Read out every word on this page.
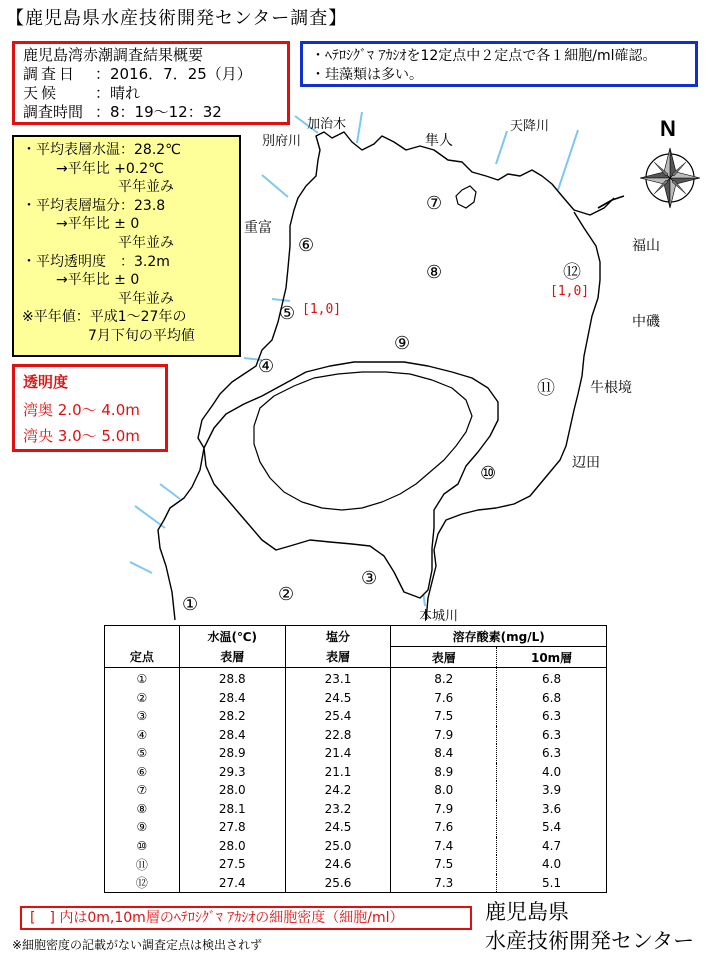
N
【鹿児島県水産技術開発センター調査】
鹿児島湾赤潮調査結果概要
調査日 ：2016．7．25（月）
天候 ：晴れ
調査時間 ：8：19～12：32
・ﾍﾃﾛｼｸﾞﾏ ｱｶｼｵを12定点中２定点で各１細胞/ml確認。
・珪藻類は多い。
・平均表層水温：28.2℃
→平年比 +0.2℃
平年並み
・平均表層塩分：23.8
→平年比 ± 0
平年並み
・平均透明度　：3.2m
→平年比 ± 0
平年並み
※平年値：平成1～27年の
7月下旬の平均値
透明度
湾奥 2.0～ 4.0m
湾央 3.0～ 5.0m
加治木
別府川	隼人
天降川
重富
福山
中磯
牛根境
辺田
本城川
①	②
③
④
⑤
⑥
⑦
⑧
⑨
⑩
⑪
⑫
[1,0]
[1,0]
	水温(℃)	塩分	溶存酸素(mg/L)	
定点	表層	表層	表層	10m層
①	28.8	23.1	8.2	6.8
②	28.4	24.5	7.6	6.8
③	28.2	25.4	7.5	6.3
④	28.4	22.8	7.9	6.3
⑤	28.9	21.4	8.4	6.3
⑥	29.3	21.1	8.9	4.0
⑦	28.0	24.2	8.0	3.9
⑧	28.1	23.2	7.9	3.6
⑨	27.8	24.5	7.6	5.4
⑩	28.0	25.0	7.4	4.7
⑪	27.5	24.6	7.5	4.0
⑫	27.4	25.6	7.3	5.1
[　] 内は0m,10m層のﾍﾃﾛｼｸﾞﾏ ｱｶｼｵの細胞密度（細胞/ml）
※細胞密度の記載がない調査定点は検出されず
鹿児島県
水産技術開発センター
